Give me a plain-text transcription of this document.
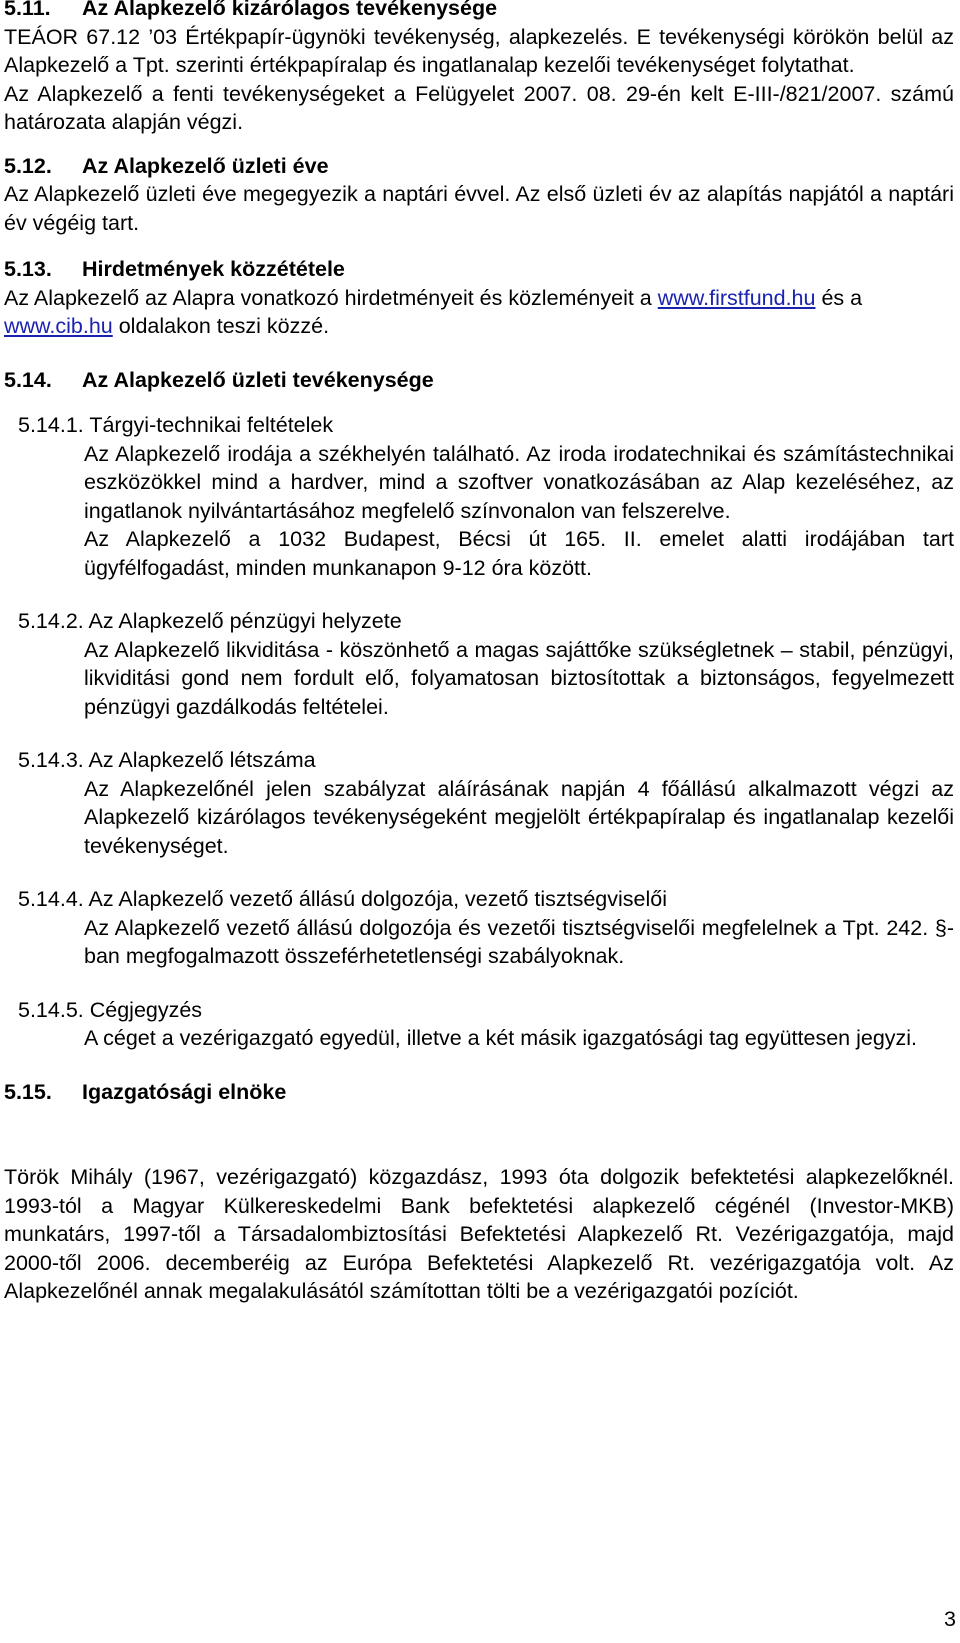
5.11.	Az Alapkezelő kizárólagos tevékenysége

TEÁOR 67.12 ’03 Értékpapír-ügynöki tevékenység, alapkezelés. E tevékenységi körökön belül az Alapkezelő a Tpt. szerinti értékpapíralap és ingatlanalap kezelői tevékenységet folytathat.

Az Alapkezelő a fenti tevékenységeket a Felügyelet 2007. 08. 29-én kelt E-III-/821/2007. számú határozata alapján végzi.

5.12.	Az Alapkezelő üzleti éve

Az Alapkezelő üzleti éve megegyezik a naptári évvel. Az első üzleti év az alapítás napjától a naptári év végéig tart.

5.13.	Hirdetmények közzététele

Az Alapkezelő az Alapra vonatkozó hirdetményeit és közleményeit a www.firstfund.hu és a www.cib.hu oldalakon teszi közzé.

5.14.	Az Alapkezelő üzleti tevékenysége

5.14.1. Tárgyi-technikai feltételek

Az Alapkezelő irodája a székhelyén található. Az iroda irodatechnikai és számítástechnikai eszközökkel mind a hardver, mind a szoftver vonatkozásában az Alap kezeléséhez, az ingatlanok nyilvántartásához megfelelő színvonalon van felszerelve.

Az Alapkezelő a 1032 Budapest, Bécsi út 165. II. emelet alatti irodájában tart ügyfélfogadást, minden munkanapon 9-12 óra között.

5.14.2. Az Alapkezelő pénzügyi helyzete

Az Alapkezelő likviditása - köszönhető a magas sajáttőke szükségletnek – stabil, pénzügyi, likviditási gond nem fordult elő, folyamatosan biztosítottak a biztonságos, fegyelmezett pénzügyi gazdálkodás feltételei.

5.14.3. Az Alapkezelő létszáma

Az Alapkezelőnél jelen szabályzat aláírásának napján 4 főállású alkalmazott végzi az Alapkezelő kizárólagos tevékenységeként megjelölt értékpapíralap és ingatlanalap kezelői tevékenységet.

5.14.4. Az Alapkezelő vezető állású dolgozója, vezető tisztségviselői

Az Alapkezelő vezető állású dolgozója és vezetői tisztségviselői megfelelnek a Tpt. 242. §-ban megfogalmazott összeférhetetlenségi szabályoknak.

5.14.5. Cégjegyzés

A céget a vezérigazgató egyedül, illetve a két másik igazgatósági tag együttesen jegyzi.

5.15.	Igazgatósági elnöke

Török Mihály (1967, vezérigazgató) közgazdász, 1993 óta dolgozik befektetési alapkezelőknél. 1993-tól a Magyar Külkereskedelmi Bank befektetési alapkezelő cégénél (Investor-MKB) munkatárs, 1997-től a Társadalombiztosítási Befektetési Alapkezelő Rt. Vezérigazgatója, majd 2000-től 2006. decemberéig az Európa Befektetési Alapkezelő Rt. vezérigazgatója volt. Az Alapkezelőnél annak megalakulásától számítottan tölti be a vezérigazgatói pozíciót.

3
